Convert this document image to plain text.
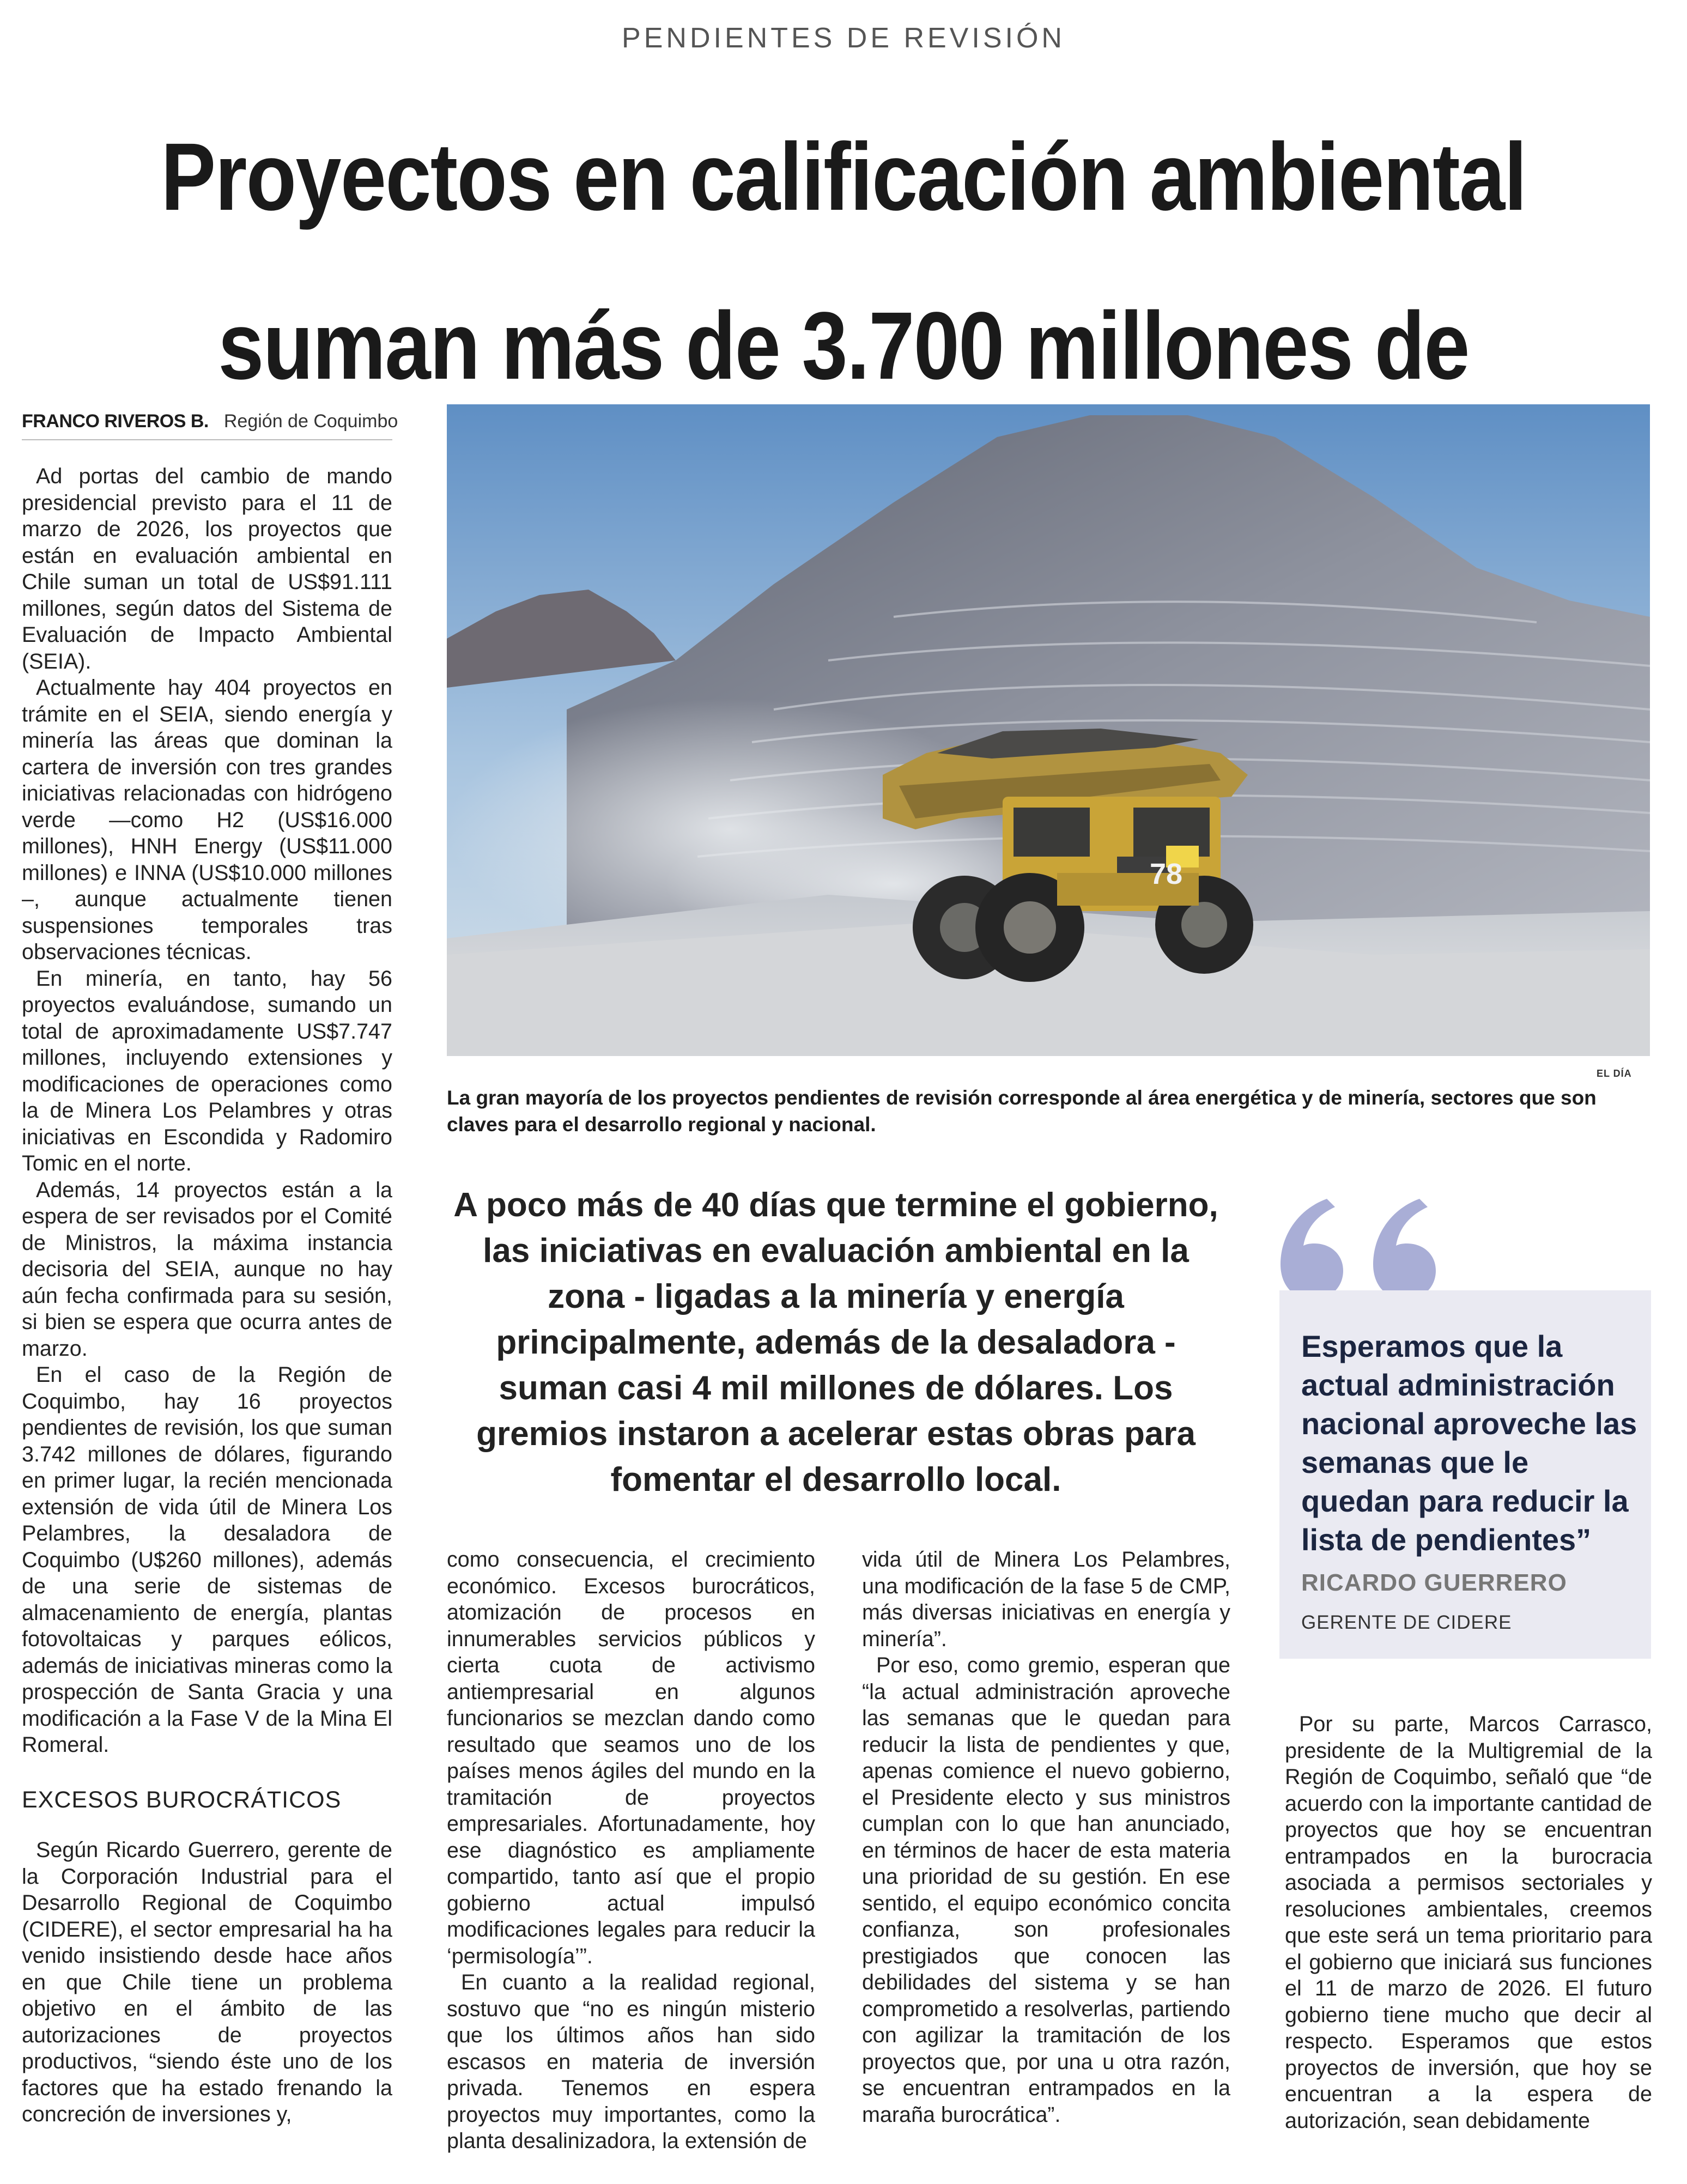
PENDIENTES DE REVISIÓN
Proyectos en calificación ambiental
suman más de 3.700 millones de
FRANCO RIVEROS B. Región de Coquimbo

Ad portas del cambio de mando presidencial previsto para el 11 de marzo de 2026, los proyectos que están en evaluación ambiental en Chile suman un total de US$91.111 millones, según datos del Sistema de Evaluación de Impacto Ambiental (SEIA).

Actualmente hay 404 proyectos en trámite en el SEIA, siendo energía y minería las áreas que dominan la cartera de inversión con tres grandes iniciativas relacionadas con hidrógeno verde —como H2 (US$16.000 millones), HNH Energy (US$11.000 millones) e INNA (US$10.000 millones –, aunque actualmente tienen suspensiones temporales tras observaciones técnicas.

En minería, en tanto, hay 56 proyectos evaluándose, sumando un total de aproximadamente US$7.747 millones, incluyendo extensiones y modificaciones de operaciones como la de Minera Los Pelambres y otras iniciativas en Escondida y Radomiro Tomic en el norte.

Además, 14 proyectos están a la espera de ser revisados por el Comité de Ministros, la máxima instancia decisoria del SEIA, aunque no hay aún fecha confirmada para su sesión, si bien se espera que ocurra antes de marzo.

En el caso de la Región de Coquimbo, hay 16 proyectos pendientes de revisión, los que suman 3.742 millones de dólares, figurando en primer lugar, la recién mencionada extensión de vida útil de Minera Los Pelambres, la desaladora de Coquimbo (U$260 millones), además de una serie de sistemas de almacenamiento de energía, plantas fotovoltaicas y parques eólicos, además de iniciativas mineras como la prospección de Santa Gracia y una modificación a la Fase V de la Mina El Romeral.

EXCESOS BUROCRÁTICOS

Según Ricardo Guerrero, gerente de la Corporación Industrial para el Desarrollo Regional de Coquimbo (CIDERE), el sector empresarial ha ha venido insistiendo desde hace años en que Chile tiene un problema objetivo en el ámbito de las autorizaciones de proyectos productivos, “siendo éste uno de los factores que ha estado frenando la concreción de inversiones y,

78
EL DÍA
La gran mayoría de los proyectos pendientes de revisión corresponde al área energética y de minería, sectores que son claves para el desarrollo regional y nacional.
A poco más de 40 días que termine el gobierno, las iniciativas en evaluación ambiental en la zona - ligadas a la minería y energía principalmente, además de la desaladora - suman casi 4 mil millones de dólares. Los gremios instaron a acelerar estas obras para fomentar el desarrollo local.
Esperamos que la actual administración nacional aproveche las semanas que le quedan para reducir la lista de pendientes”
RICARDO GUERRERO
GERENTE DE CIDERE

como consecuencia, el crecimiento económico. Excesos burocráticos, atomización de procesos en innumerables servicios públicos y cierta cuota de activismo antiempresarial en algunos funcionarios se mezclan dando como resultado que seamos uno de los países menos ágiles del mundo en la tramitación de proyectos empresariales. Afortunadamente, hoy ese diagnóstico es ampliamente compartido, tanto así que el propio gobierno actual impulsó modificaciones legales para reducir la ‘permisología’”.

En cuanto a la realidad regional, sostuvo que “no es ningún misterio que los últimos años han sido escasos en materia de inversión privada. Tenemos en espera proyectos muy importantes, como la planta desalinizadora, la extensión de

vida útil de Minera Los Pelambres, una modificación de la fase 5 de CMP, más diversas iniciativas en energía y minería”.

Por eso, como gremio, esperan que “la actual administración aproveche las semanas que le quedan para reducir la lista de pendientes y que, apenas comience el nuevo gobierno, el Presidente electo y sus ministros cumplan con lo que han anunciado, en términos de hacer de esta materia una prioridad de su gestión. En ese sentido, el equipo económico concita confianza, son profesionales prestigiados que conocen las debilidades del sistema y se han comprometido a resolverlas, partiendo con agilizar la tramitación de los proyectos que, por una u otra razón, se encuentran entrampados en la maraña burocrática”.

Por su parte, Marcos Carrasco, presidente de la Multigremial de la Región de Coquimbo, señaló que “de acuerdo con la importante cantidad de proyectos que hoy se encuentran entrampados en la burocracia asociada a permisos sectoriales y resoluciones ambientales, creemos que este será un tema prioritario para el gobierno que iniciará sus funciones el 11 de marzo de 2026. El futuro gobierno tiene mucho que decir al respecto. Esperamos que estos proyectos de inversión, que hoy se encuentran a la espera de autorización, sean debidamente
